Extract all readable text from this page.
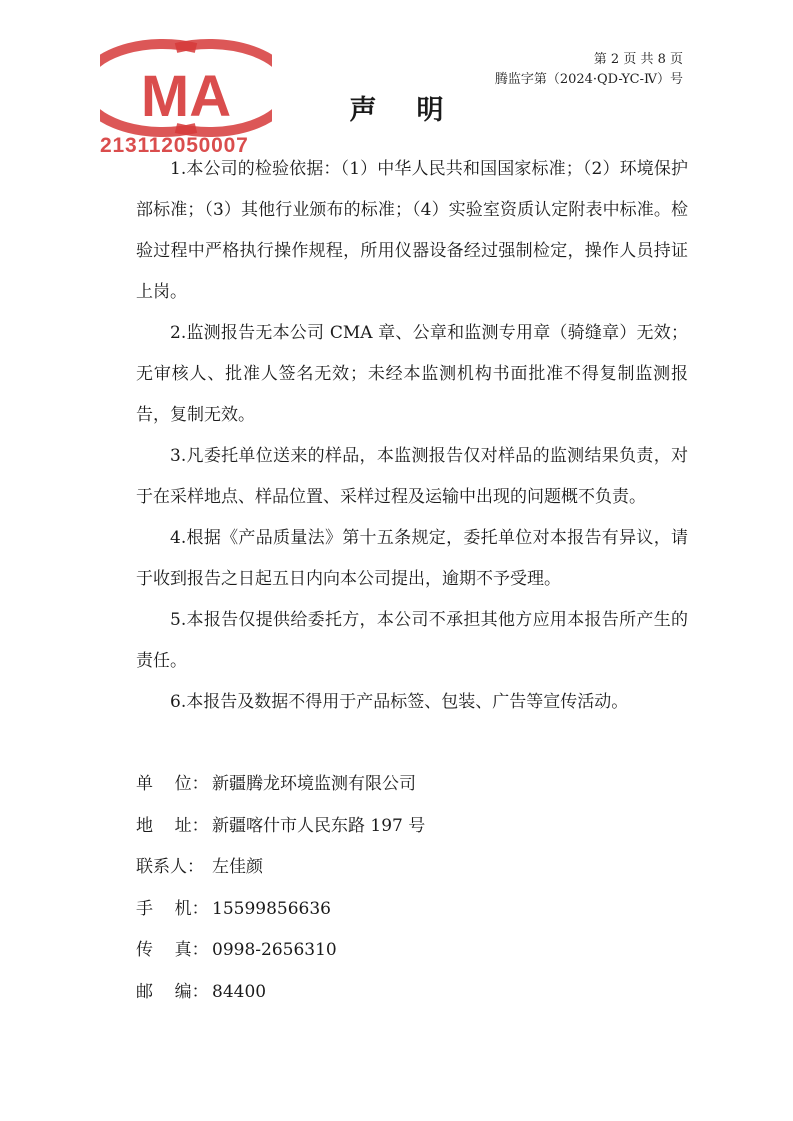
MA
213112050007
第 2 页 共 8 页
腾监字第（2024·QD-YC-Ⅳ）号
声明

1.本公司的检验依据：（1）中华人民共和国国家标准；（2）环境保护部标准；（3）其他行业颁布的标准；（4）实验室资质认定附表中标准。检验过程中严格执行操作规程，所用仪器设备经过强制检定，操作人员持证上岗。

2.监测报告无本公司 CMA 章、公章和监测专用章（骑缝章）无效；无审核人、批准人签名无效；未经本监测机构书面批准不得复制监测报告，复制无效。

3.凡委托单位送来的样品，本监测报告仅对样品的监测结果负责，对于在采样地点、样品位置、采样过程及运输中出现的问题概不负责。

4.根据《产品质量法》第十五条规定，委托单位对本报告有异议，请于收到报告之日起五日内向本公司提出，逾期不予受理。

5.本报告仅提供给委托方，本公司不承担其他方应用本报告所产生的责任。

6.本报告及数据不得用于产品标签、包装、广告等宣传活动。

单    位： 新疆腾龙环境监测有限公司
地    址： 新疆喀什市人民东路 197 号
联系人： 左佳颜
手    机： 15599856636
传    真： 0998-2656310
邮    编： 84400
